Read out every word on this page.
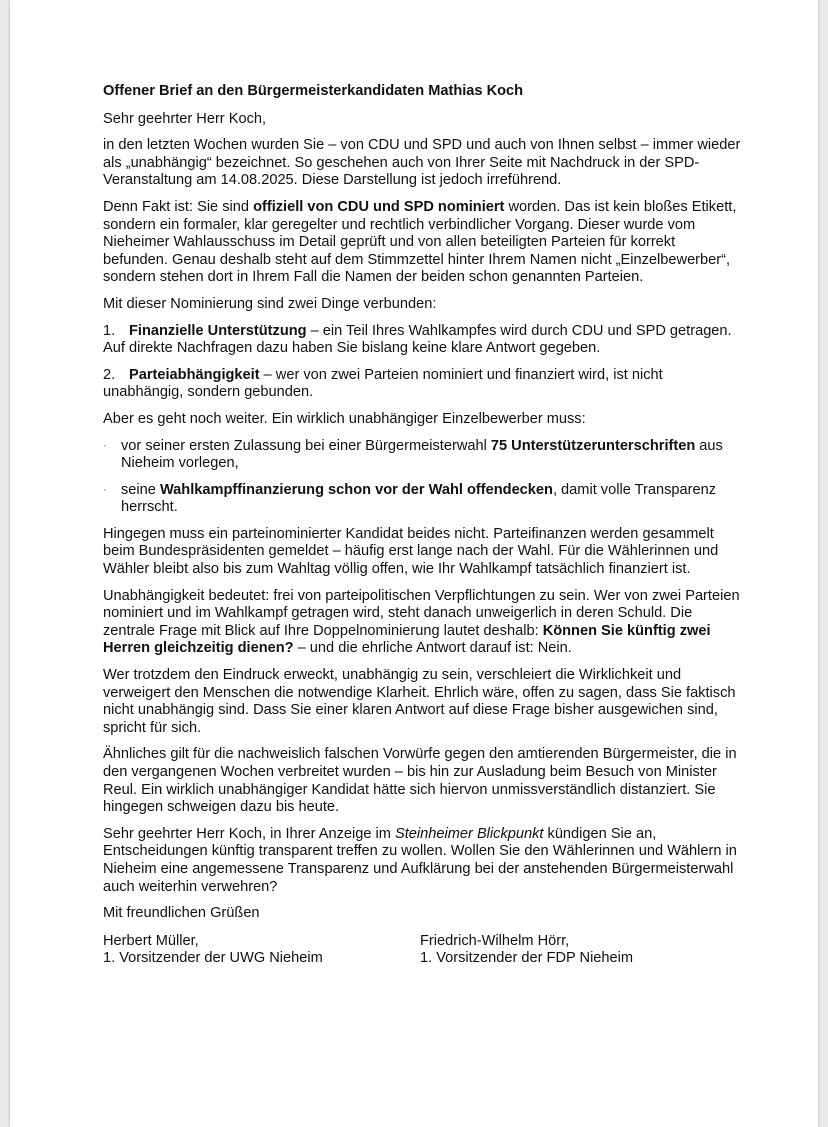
Offener Brief an den Bürgermeisterkandidaten Mathias Koch

Sehr geehrter Herr Koch,

in den letzten Wochen wurden Sie – von CDU und SPD und auch von Ihnen selbst – immer wieder als „unabhängig“ bezeichnet. So geschehen auch von Ihrer Seite mit Nachdruck in der SPD-Veranstaltung am 14.08.2025. Diese Darstellung ist jedoch irreführend.

Denn Fakt ist: Sie sind offiziell von CDU und SPD nominiert worden. Das ist kein bloßes Etikett, sondern ein formaler, klar geregelter und rechtlich verbindlicher Vorgang. Dieser wurde vom Nieheimer Wahlausschuss im Detail geprüft und von allen beteiligten Parteien für korrekt befunden. Genau deshalb steht auf dem Stimmzettel hinter Ihrem Namen nicht „Einzelbewerber“, sondern stehen dort in Ihrem Fall die Namen der beiden schon genannten Parteien.

Mit dieser Nominierung sind zwei Dinge verbunden:

1. Finanzielle Unterstützung – ein Teil Ihres Wahlkampfes wird durch CDU und SPD getragen. Auf direkte Nachfragen dazu haben Sie bislang keine klare Antwort gegeben.

2. Parteiabhängigkeit – wer von zwei Parteien nominiert und finanziert wird, ist nicht unabhängig, sondern gebunden.

Aber es geht noch weiter. Ein wirklich unabhängiger Einzelbewerber muss:

· vor seiner ersten Zulassung bei einer Bürgermeisterwahl 75 Unterstützerunterschriften aus Nieheim vorlegen,
· seine Wahlkampffinanzierung schon vor der Wahl offendecken, damit volle Transparenz herrscht.

Hingegen muss ein parteinominierter Kandidat beides nicht. Parteifinanzen werden gesammelt beim Bundespräsidenten gemeldet – häufig erst lange nach der Wahl. Für die Wählerinnen und Wähler bleibt also bis zum Wahltag völlig offen, wie Ihr Wahlkampf tatsächlich finanziert ist.

Unabhängigkeit bedeutet: frei von parteipolitischen Verpflichtungen zu sein. Wer von zwei Parteien nominiert und im Wahlkampf getragen wird, steht danach unweigerlich in deren Schuld. Die zentrale Frage mit Blick auf Ihre Doppelnominierung lautet deshalb: Können Sie künftig zwei Herren gleichzeitig dienen? – und die ehrliche Antwort darauf ist: Nein.

Wer trotzdem den Eindruck erweckt, unabhängig zu sein, verschleiert die Wirklichkeit und verweigert den Menschen die notwendige Klarheit. Ehrlich wäre, offen zu sagen, dass Sie faktisch nicht unabhängig sind. Dass Sie einer klaren Antwort auf diese Frage bisher ausgewichen sind, spricht für sich.

Ähnliches gilt für die nachweislich falschen Vorwürfe gegen den amtierenden Bürgermeister, die in den vergangenen Wochen verbreitet wurden – bis hin zur Ausladung beim Besuch von Minister Reul. Ein wirklich unabhängiger Kandidat hätte sich hiervon unmissverständlich distanziert. Sie hingegen schweigen dazu bis heute.

Sehr geehrter Herr Koch, in Ihrer Anzeige im Steinheimer Blickpunkt kündigen Sie an, Entscheidungen künftig transparent treffen zu wollen. Wollen Sie den Wählerinnen und Wählern in Nieheim eine angemessene Transparenz und Aufklärung bei der anstehenden Bürgermeisterwahl auch weiterhin verwehren?

Mit freundlichen Grüßen

Herbert Müller,
1. Vorsitzender der UWG Nieheim
Friedrich-Wilhelm Hörr,
1. Vorsitzender der FDP Nieheim
